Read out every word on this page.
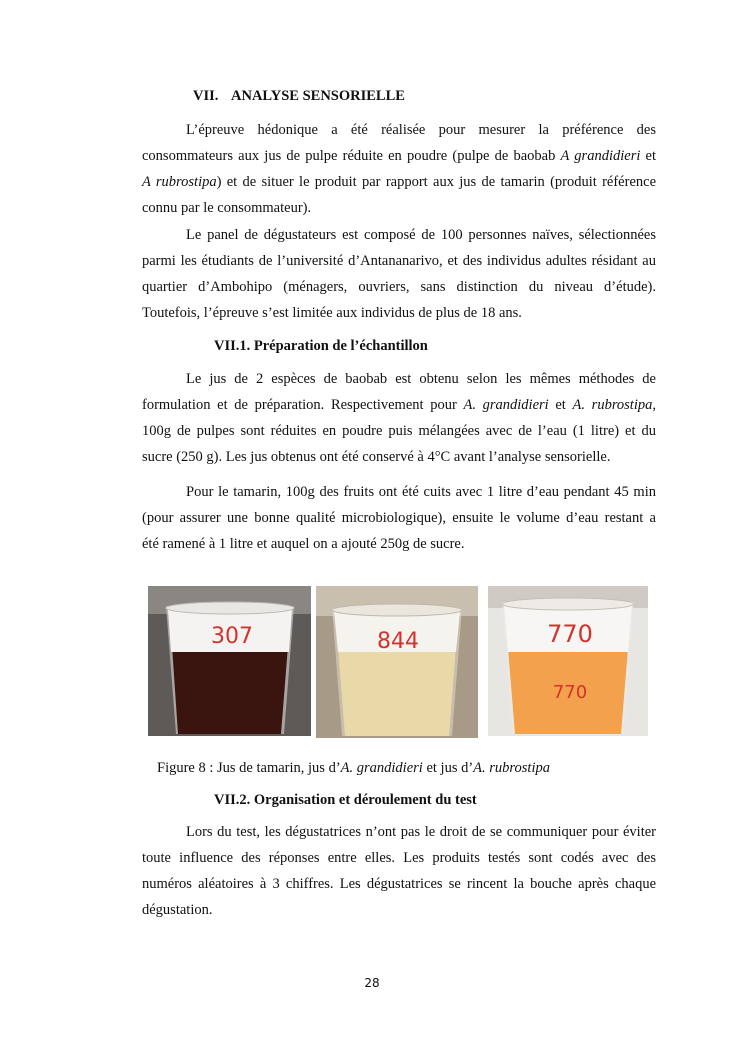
VII. ANALYSE SENSORIELLE
L’épreuve hédonique a été réalisée pour mesurer la préférence des
consommateurs aux jus de pulpe réduite en poudre (pulpe de baobab A grandidieri et
A rubrostipa) et de situer le produit par rapport aux jus de tamarin (produit référence
connu par le consommateur).
Le panel de dégustateurs est composé de 100 personnes naïves, sélectionnées
parmi les étudiants de l’université d’Antananarivo, et des individus adultes résidant au
quartier d’Ambohipo (ménagers, ouvriers, sans distinction du niveau d’étude).
Toutefois, l’épreuve s’est limitée aux individus de plus de 18 ans.
VII.1. Préparation de l’échantillon
Le jus de 2 espèces de baobab est obtenu selon les mêmes méthodes de
formulation et de préparation. Respectivement pour A. grandidieri et A. rubrostipa,
100g de pulpes sont réduites en poudre puis mélangées avec de l’eau (1 litre) et du
sucre (250 g). Les jus obtenus ont été conservé à 4°C avant l’analyse sensorielle.
Pour le tamarin, 100g des fruits ont été cuits avec 1 litre d’eau pendant 45 min
(pour assurer une bonne qualité microbiologique), ensuite le volume d’eau restant a
été ramené à 1 litre et auquel on a ajouté 250g de sucre.
307	844	770
770
Figure 8 : Jus de tamarin, jus d’A. grandidieri et jus d’A. rubrostipa
VII.2. Organisation et déroulement du test
Lors du test, les dégustatrices n’ont pas le droit de se communiquer pour éviter
toute influence des réponses entre elles. Les produits testés sont codés avec des
numéros aléatoires à 3 chiffres. Les dégustatrices se rincent la bouche après chaque
dégustation.
28
